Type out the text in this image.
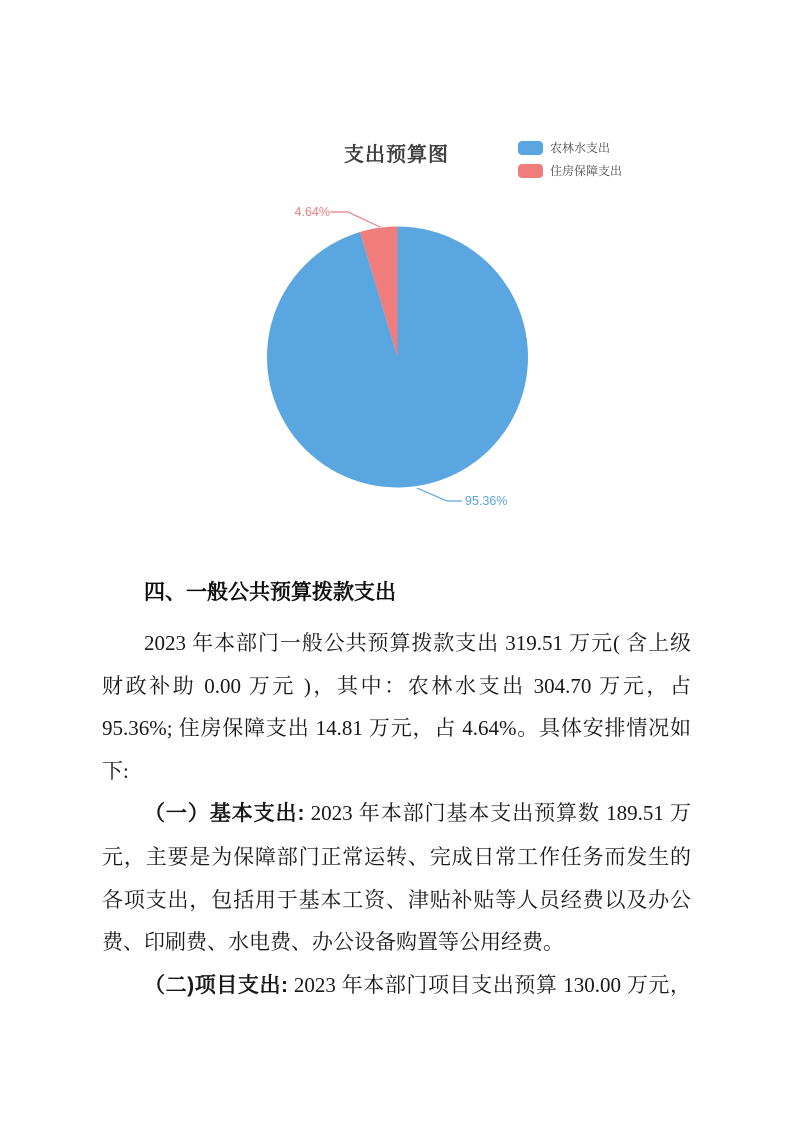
支出预算图	农林水支出
住房保障支出
95.36%
4.64%
四、一般公共预算拨款支出
2023 年本部门一般公共预算拨款支出 319.51 万元( 含上级
财政补助 0.00 万元 )，其中：农林水支出 304.70 万元，占
95.36%; 住房保障支出 14.81 万元，占 4.64%。具体安排情况如
下:
（一）基本支出: 2023 年本部门基本支出预算数 189.51 万
元，主要是为保障部门正常运转、完成日常工作任务而发生的
各项支出，包括用于基本工资、津贴补贴等人员经费以及办公
费、印刷费、水电费、办公设备购置等公用经费。
（二)项目支出: 2023 年本部门项目支出预算 130.00 万元，
